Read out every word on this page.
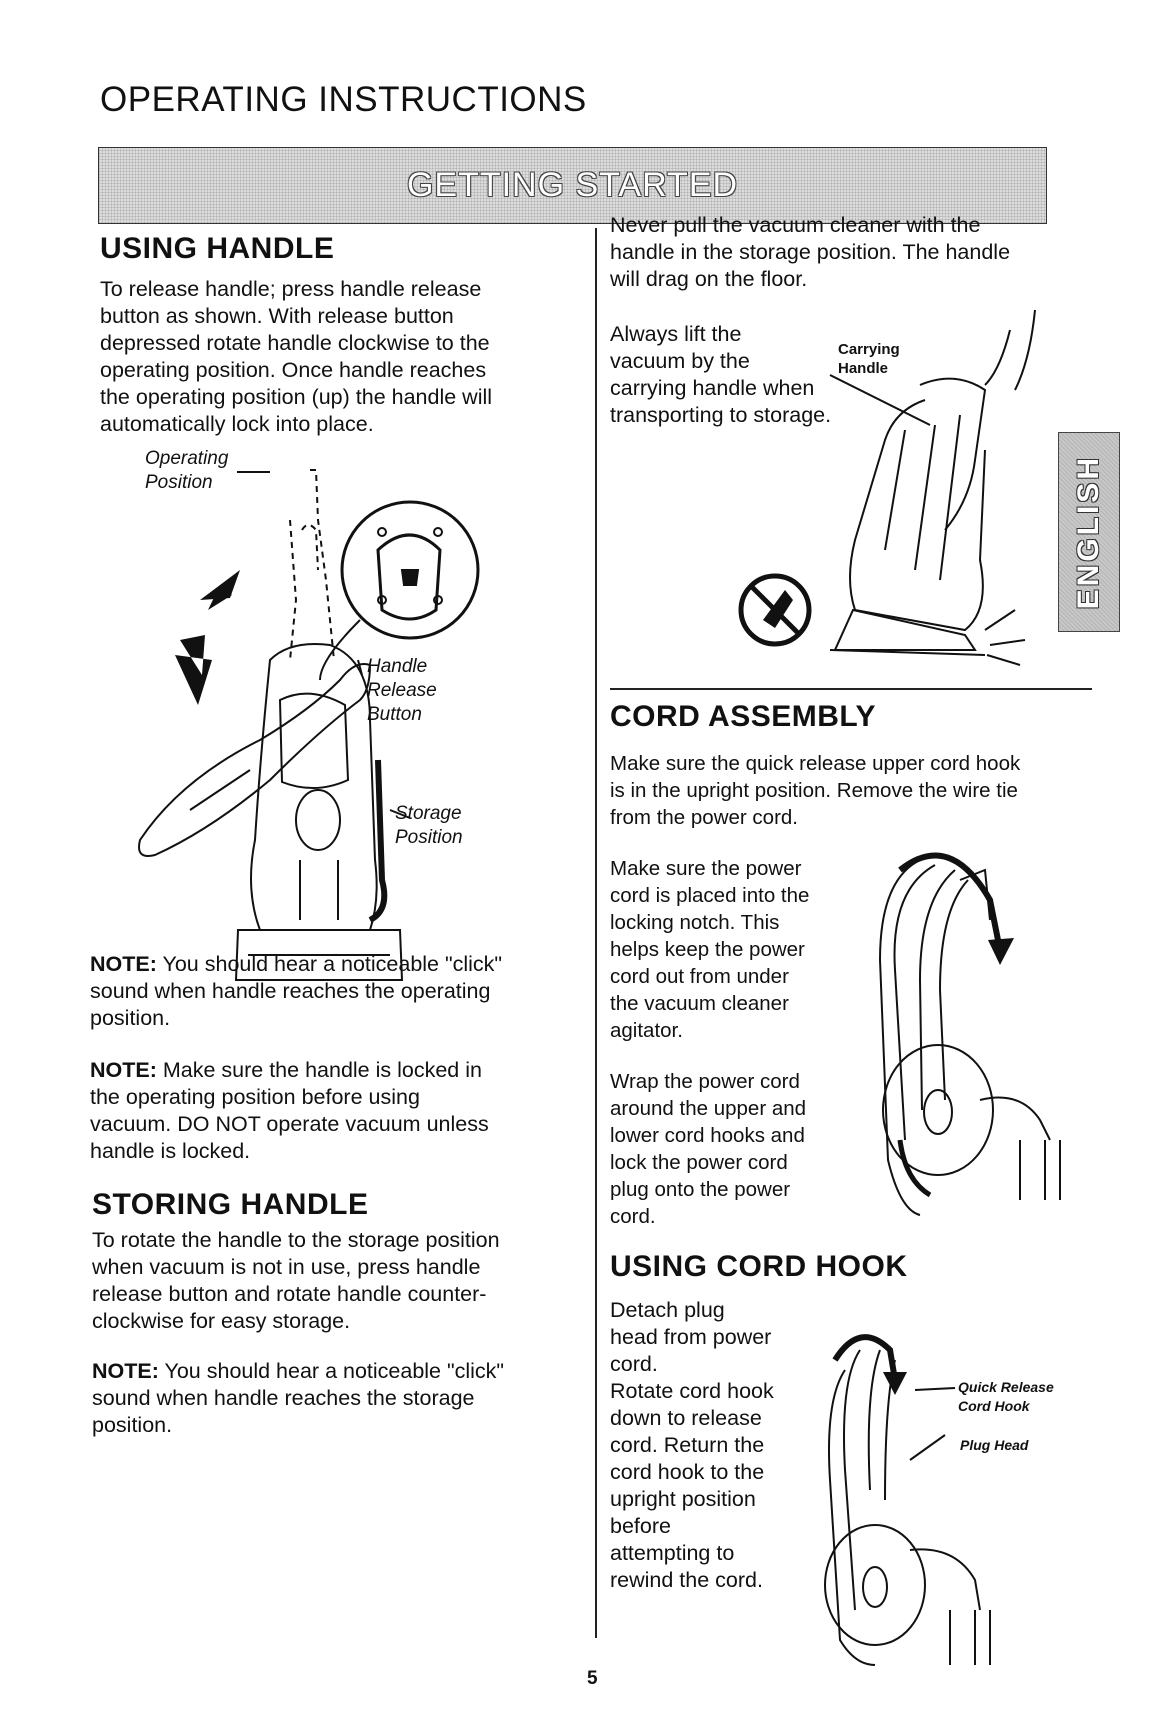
OPERATING INSTRUCTIONS
GETTING STARTED
USING HANDLE
To release handle; press handle release
button as shown. With release button
depressed rotate handle clockwise to the
operating position. Once handle reaches
the operating position (up) the handle will
automatically lock into place.
Operating
Position
Handle
Release
Button
Storage
Position
NOTE: You should hear a noticeable "click"
sound when handle reaches the operating
position.
NOTE: Make sure the handle is locked in
the operating position before using
vacuum. DO NOT operate vacuum unless
handle is locked.
STORING HANDLE
To rotate the handle to the storage position
when vacuum is not in use, press handle
release button and rotate handle counter-
clockwise for easy storage.
NOTE: You should hear a noticeable "click"
sound when handle reaches the storage
position.
Never pull the vacuum cleaner with the
handle in the storage position. The handle
will drag on the floor.
Always lift the
vacuum by the
carrying handle when
transporting to storage.
Carrying
Handle
ENGLISH
CORD ASSEMBLY
Make sure the quick release upper cord hook
is in the upright position. Remove the wire tie
from the power cord.
Make sure the power
cord is placed into the
locking notch. This
helps keep the power
cord out from under
the vacuum cleaner
agitator.
Wrap the power cord
around the upper and
lower cord hooks and
lock the power cord
plug onto the power
cord.
USING CORD HOOK
Detach plug
head from power
cord.
Rotate cord hook
down to release
cord. Return the
cord hook to the
upright position
before
attempting to
rewind the cord.
Quick Release
Cord Hook
Plug Head
5
